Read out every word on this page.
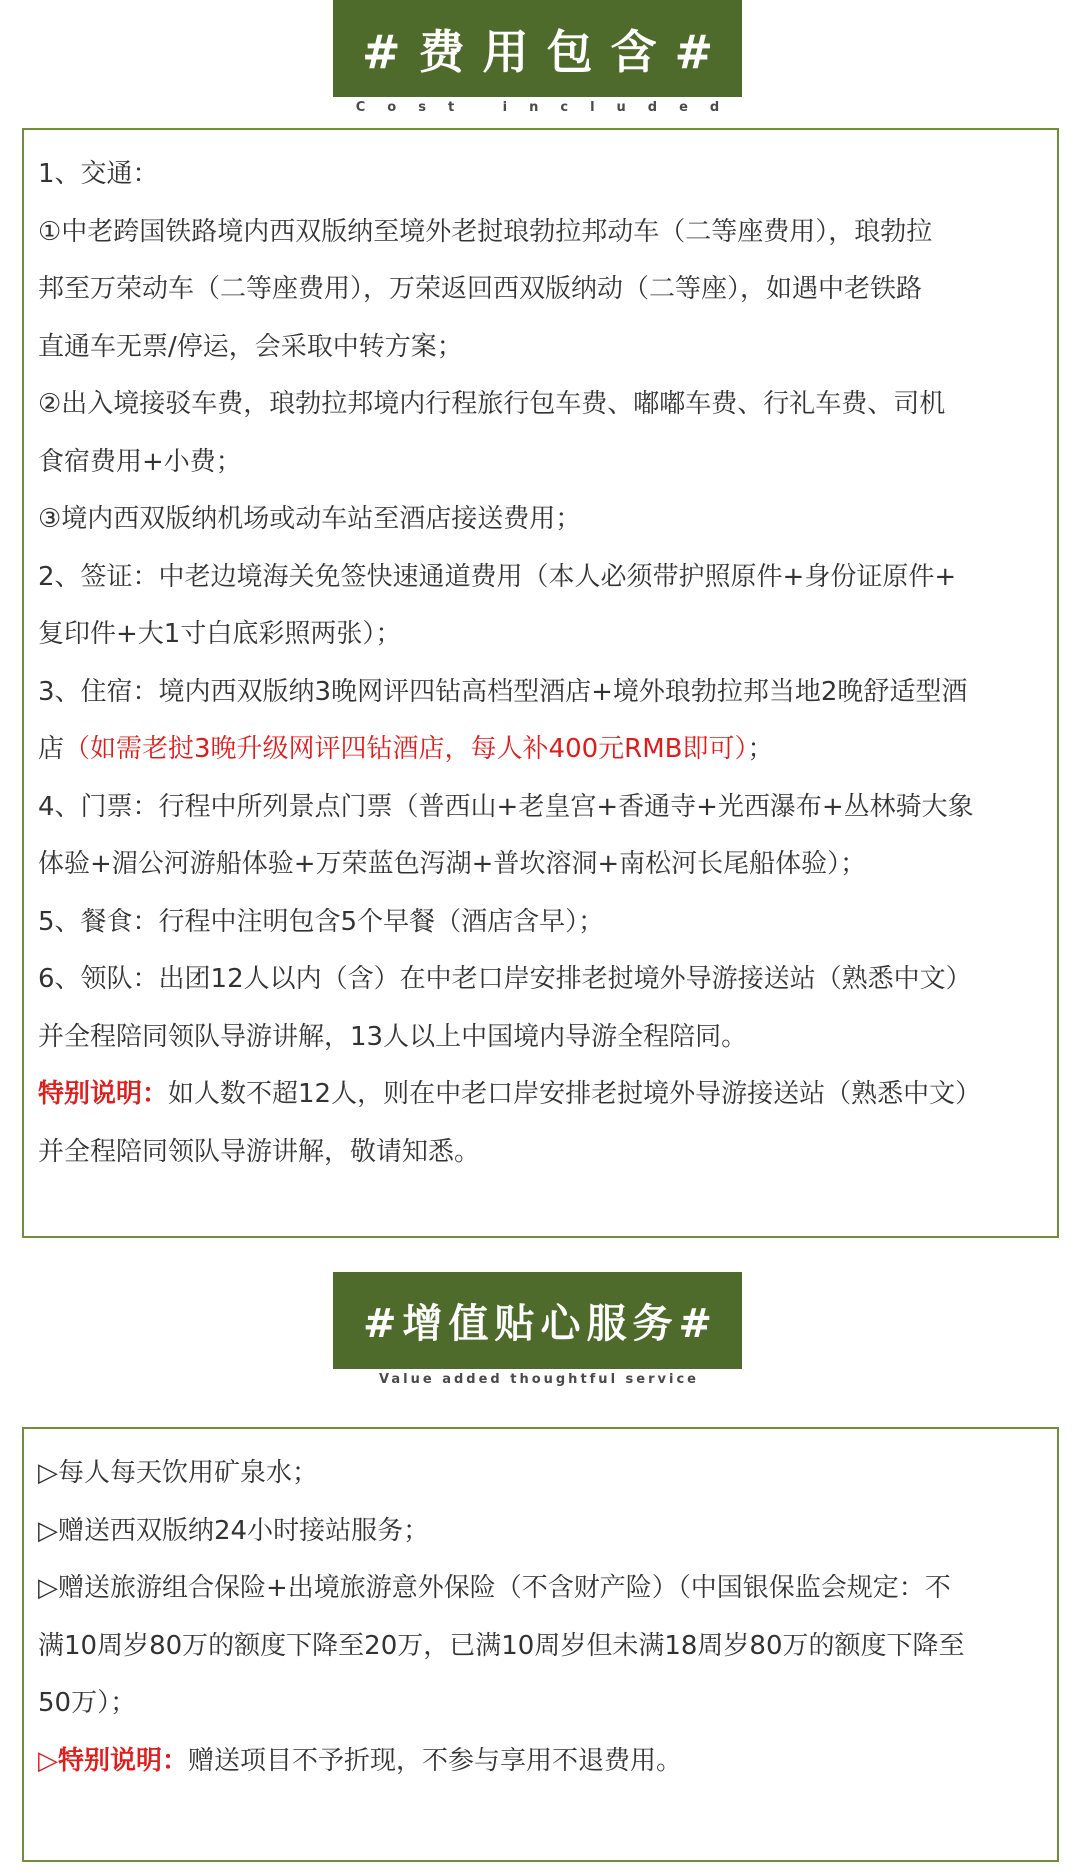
#费用包含#
Cost included
1、交通：
①中老跨国铁路境内西双版纳至境外老挝琅勃拉邦动车（二等座费用），琅勃拉
邦至万荣动车（二等座费用），万荣返回西双版纳动（二等座），如遇中老铁路
直通车无票/停运，会采取中转方案；
②出入境接驳车费，琅勃拉邦境内行程旅行包车费、嘟嘟车费、行礼车费、司机
食宿费用+小费；
③境内西双版纳机场或动车站至酒店接送费用；
2、签证：中老边境海关免签快速通道费用（本人必须带护照原件+身份证原件+
复印件+大1寸白底彩照两张）；
3、住宿：境内西双版纳3晚网评四钻高档型酒店+境外琅勃拉邦当地2晚舒适型酒
店（如需老挝3晚升级网评四钻酒店，每人补400元RMB即可）；
4、门票：行程中所列景点门票（普西山+老皇宫+香通寺+光西瀑布+丛林骑大象
体验+湄公河游船体验+万荣蓝色泻湖+普坎溶洞+南松河长尾船体验）；
5、餐食：行程中注明包含5个早餐（酒店含早）；
6、领队：出团12人以内（含）在中老口岸安排老挝境外导游接送站（熟悉中文）
并全程陪同领队导游讲解，13人以上中国境内导游全程陪同。
特别说明：如人数不超12人，则在中老口岸安排老挝境外导游接送站（熟悉中文）
并全程陪同领队导游讲解，敬请知悉。
#增值贴心服务#
Value added thoughtful service
▷每人每天饮用矿泉水；
▷赠送西双版纳24小时接站服务；
▷赠送旅游组合保险+出境旅游意外保险（不含财产险）（中国银保监会规定：不
满10周岁80万的额度下降至20万，已满10周岁但未满18周岁80万的额度下降至
50万）；
▷特别说明：赠送项目不予折现，不参与享用不退费用。
